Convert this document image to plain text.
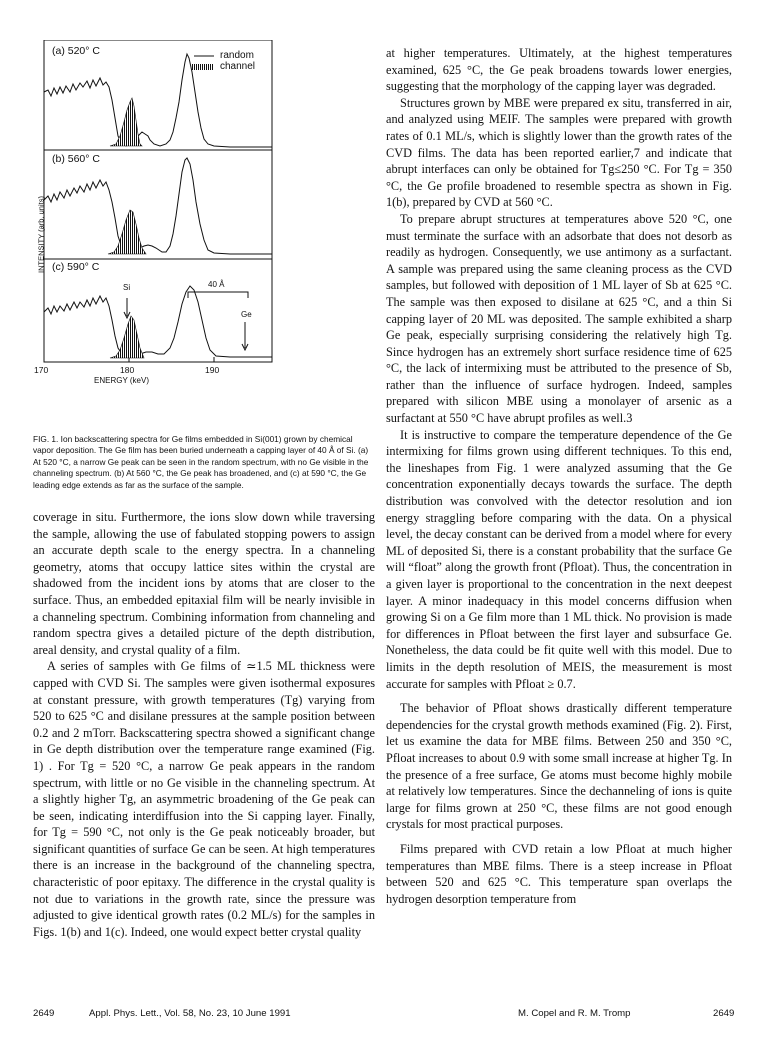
(a) 520° C	random
channel
(b) 560° C
(c) 590° C
Si
Ge
40 Å
INTENSITY (arb. units)
170	180	190
ENERGY (keV)
FIG. 1. Ion backscattering spectra for Ge films embedded in Si(001) grown by chemical vapor deposition. The Ge film has been buried underneath a capping layer of 40 Å of Si. (a) At 520 °C, a narrow Ge peak can be seen in the random spectrum, with no Ge visible in the channeling spectrum. (b) At 560 °C, the Ge peak has broadened, and (c) at 590 °C, the Ge leading edge extends as far as the surface of the sample.

coverage in situ. Furthermore, the ions slow down while traversing the sample, allowing the use of fabulated stopping powers to assign an accurate depth scale to the energy spectra. In a channeling geometry, atoms that occupy lattice sites within the crystal are shadowed from the incident ions by atoms that are closer to the surface. Thus, an embedded epitaxial film will be nearly invisible in a channeling spectrum. Combining information from channeling and random spectra gives a detailed picture of the depth distribution, areal density, and crystal quality of a film.

A series of samples with Ge films of ≃1.5 ML thickness were capped with CVD Si. The samples were given isothermal exposures at constant pressure, with growth temperatures (Tg) varying from 520 to 625 °C and disilane pressures at the sample position between 0.2 and 2 mTorr. Backscattering spectra showed a significant change in Ge depth distribution over the temperature range examined (Fig. 1) . For Tg = 520 °C, a narrow Ge peak appears in the random spectrum, with little or no Ge visible in the channeling spectrum. At a slightly higher Tg, an asymmetric broadening of the Ge peak can be seen, indicating interdiffusion into the Si capping layer. Finally, for Tg = 590 °C, not only is the Ge peak noticeably broader, but significant quantities of surface Ge can be seen. At high temperatures there is an increase in the background of the channeling spectra, characteristic of poor epitaxy. The difference in the crystal quality is not due to variations in the growth rate, since the pressure was adjusted to give identical growth rates (0.2 ML/s) for the samples in Figs. 1(b) and 1(c). Indeed, one would expect better crystal quality

at higher temperatures. Ultimately, at the highest temperatures examined, 625 °C, the Ge peak broadens towards lower energies, suggesting that the morphology of the capping layer was degraded.

Structures grown by MBE were prepared ex situ, transferred in air, and analyzed using MEIF. The samples were prepared with growth rates of 0.1 ML/s, which is slightly lower than the growth rates of the CVD films. The data has been reported earlier,7 and indicate that abrupt interfaces can only be obtained for Tg≤250 °C. For Tg = 350 °C, the Ge profile broadened to resemble spectra as shown in Fig. 1(b), prepared by CVD at 560 °C.

To prepare abrupt structures at temperatures above 520 °C, one must terminate the surface with an adsorbate that does not desorb as readily as hydrogen. Consequently, we use antimony as a surfactant. A sample was prepared using the same cleaning process as the CVD samples, but followed with deposition of 1 ML layer of Sb at 625 °C. The sample was then exposed to disilane at 625 °C, and a thin Si capping layer of 20 ML was deposited. The sample exhibited a sharp Ge peak, especially surprising considering the relatively high Tg. Since hydrogen has an extremely short surface residence time of 625 °C, the lack of intermixing must be attributed to the presence of Sb, rather than the influence of surface hydrogen. Indeed, samples prepared with silicon MBE using a monolayer of arsenic as a surfactant at 550 °C have abrupt profiles as well.3

It is instructive to compare the temperature dependence of the Ge intermixing for films grown using different techniques. To this end, the lineshapes from Fig. 1 were analyzed assuming that the Ge concentration exponentially decays towards the surface. The depth distribution was convolved with the detector resolution and ion energy straggling before comparing with the data. On a physical level, the decay constant can be derived from a model where for every ML of deposited Si, there is a constant probability that the surface Ge will “float” along the growth front (Pfloat). Thus, the concentration in a given layer is proportional to the concentration in the next deepest layer. A minor inadequacy in this model concerns diffusion when growing Si on a Ge film more than 1 ML thick. No provision is made for differences in Pfloat between the first layer and subsurface Ge. Nonetheless, the data could be fit quite well with this model. Due to limits in the depth resolution of MEIS, the measurement is most accurate for samples with Pfloat ≥ 0.7.

The behavior of Pfloat shows drastically different temperature dependencies for the crystal growth methods examined (Fig. 2). First, let us examine the data for MBE films. Between 250 and 350 °C, Pfloat increases to about 0.9 with some small increase at higher Tg. In the presence of a free surface, Ge atoms must become highly mobile at relatively low temperatures. Since the dechanneling of ions is quite large for films grown at 250 °C, these films are not good enough crystals for most practical purposes.

Films prepared with CVD retain a low Pfloat at much higher temperatures than MBE films. There is a steep increase in Pfloat between 520 and 625 °C. This temperature span overlaps the hydrogen desorption temperature from

2649	Appl. Phys. Lett., Vol. 58, No. 23, 10 June 1991	M. Copel and R. M. Tromp	2649
